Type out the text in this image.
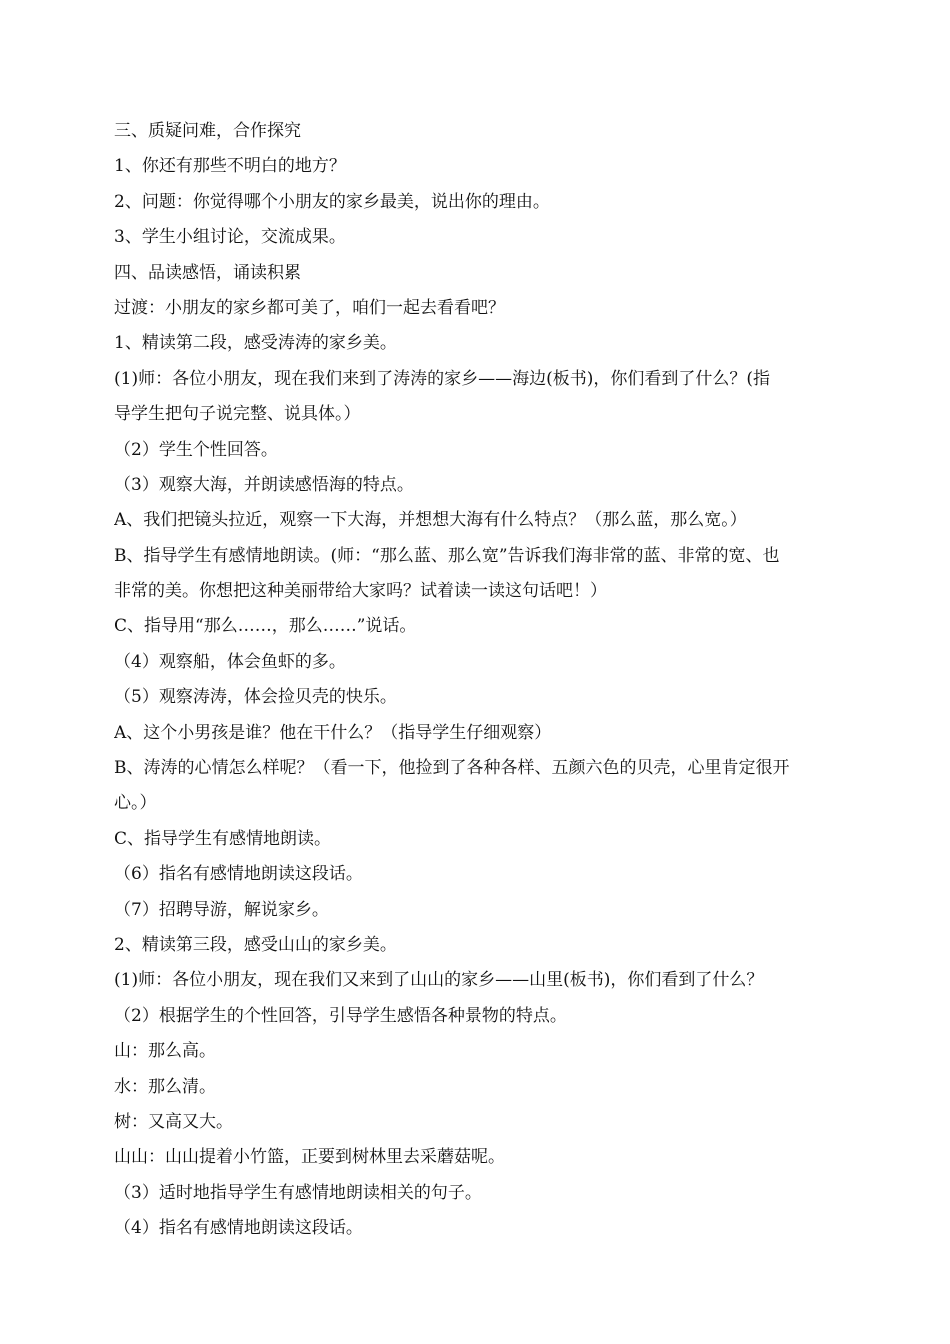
三、质疑问难，合作探究
1、你还有那些不明白的地方？
2、问题：你觉得哪个小朋友的家乡最美，说出你的理由。
3、学生小组讨论，交流成果。
四、品读感悟，诵读积累
过渡：小朋友的家乡都可美了，咱们一起去看看吧？
1、精读第二段，感受涛涛的家乡美。
(1)师：各位小朋友，现在我们来到了涛涛的家乡——海边(板书)，你们看到了什么？(指
导学生把句子说完整、说具体。）
（2）学生个性回答。
（3）观察大海，并朗读感悟海的特点。
A、我们把镜头拉近，观察一下大海，并想想大海有什么特点？（那么蓝，那么宽。）
B、指导学生有感情地朗读。(师：“那么蓝、那么宽”告诉我们海非常的蓝、非常的宽、也
非常的美。你想把这种美丽带给大家吗？试着读一读这句话吧！）
C、指导用“那么……，那么……”说话。
（4）观察船，体会鱼虾的多。
（5）观察涛涛，体会捡贝壳的快乐。
A、这个小男孩是谁？他在干什么？（指导学生仔细观察）
B、涛涛的心情怎么样呢？（看一下，他捡到了各种各样、五颜六色的贝壳，心里肯定很开
心。）
C、指导学生有感情地朗读。
（6）指名有感情地朗读这段话。
（7）招聘导游，解说家乡。
2、精读第三段，感受山山的家乡美。
(1)师：各位小朋友，现在我们又来到了山山的家乡——山里(板书)，你们看到了什么？
（2）根据学生的个性回答，引导学生感悟各种景物的特点。
山：那么高。
水：那么清。
树：又高又大。
山山：山山提着小竹篮，正要到树林里去采蘑菇呢。
（3）适时地指导学生有感情地朗读相关的句子。
（4）指名有感情地朗读这段话。
